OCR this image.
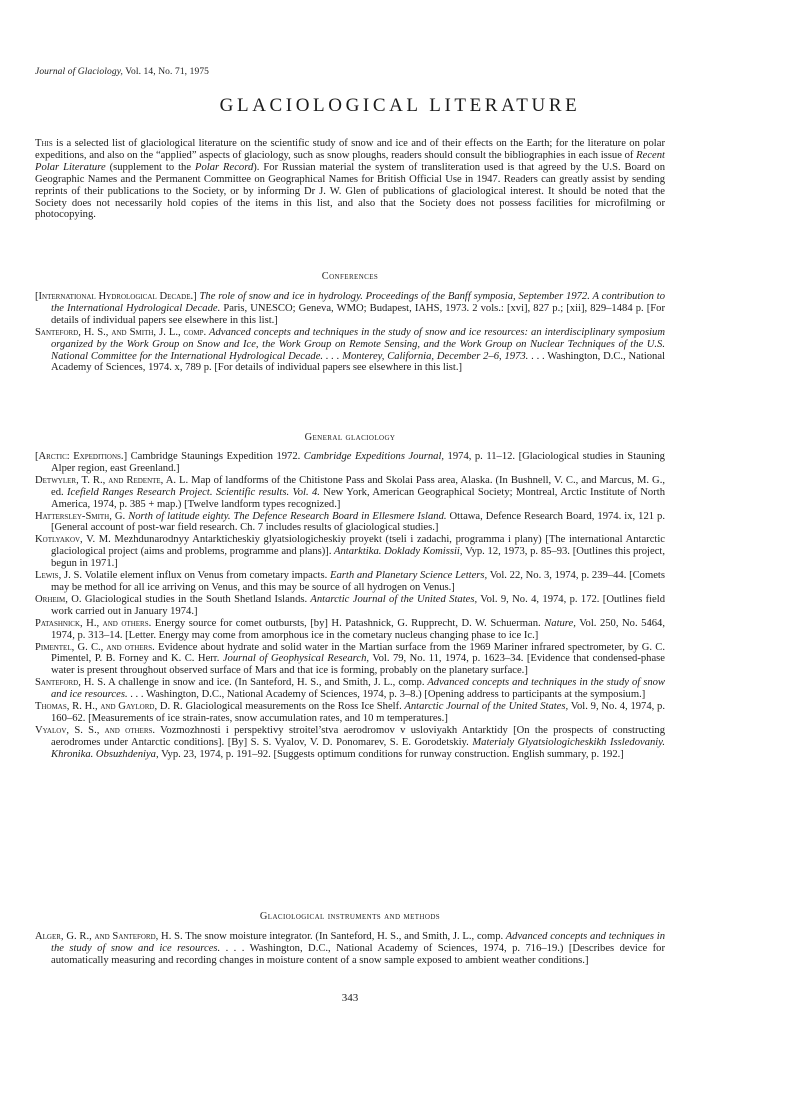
Journal of Glaciology, Vol. 14, No. 71, 1975
GLACIOLOGICAL LITERATURE

This is a selected list of glaciological literature on the scientific study of snow and ice and of their effects on the Earth; for the literature on polar expeditions, and also on the “applied” aspects of glaciology, such as snow ploughs, readers should consult the bibliographies in each issue of Recent Polar Literature (supplement to the Polar Record). For Russian material the system of transliteration used is that agreed by the U.S. Board on Geographic Names and the Permanent Committee on Geographical Names for British Official Use in 1947. Readers can greatly assist by sending reprints of their publications to the Society, or by informing Dr J. W. Glen of publications of glaciological interest. It should be noted that the Society does not necessarily hold copies of the items in this list, and also that the Society does not possess facilities for microfilming or photocopying.

Conferences

[International Hydrological Decade.] The role of snow and ice in hydrology. Proceedings of the Banff symposia, September 1972. A contribution to the International Hydrological Decade. Paris, UNESCO; Geneva, WMO; Budapest, IAHS, 1973. 2 vols.: [xvi], 827 p.; [xii], 829–1484 p. [For details of individual papers see elsewhere in this list.]

Santeford, H. S., and Smith, J. L., comp. Advanced concepts and techniques in the study of snow and ice resources: an interdisciplinary symposium organized by the Work Group on Snow and Ice, the Work Group on Remote Sensing, and the Work Group on Nuclear Techniques of the U.S. National Committee for the International Hydrological Decade. . . . Monterey, California, December 2–6, 1973. . . . Washington, D.C., National Academy of Sciences, 1974. x, 789 p. [For details of individual papers see elsewhere in this list.]

General glaciology

[Arctic: Expeditions.] Cambridge Staunings Expedition 1972. Cambridge Expeditions Journal, 1974, p. 11–12. [Glaciological studies in Stauning Alper region, east Greenland.]

Detwyler, T. R., and Redente, A. L. Map of landforms of the Chitistone Pass and Skolai Pass area, Alaska. (In Bushnell, V. C., and Marcus, M. G., ed. Icefield Ranges Research Project. Scientific results. Vol. 4. New York, American Geographical Society; Montreal, Arctic Institute of North America, 1974, p. 385 + map.) [Twelve landform types recognized.]

Hattersley-Smith, G. North of latitude eighty. The Defence Research Board in Ellesmere Island. Ottawa, Defence Research Board, 1974. ix, 121 p. [General account of post-war field research. Ch. 7 includes results of glaciological studies.]

Kotlyakov, V. M. Mezhdunarodnyy Antarkticheskiy glyatsiologicheskiy proyekt (tseli i zadachi, programma i plany) [The international Antarctic glaciological project (aims and problems, programme and plans)]. Antarktika. Doklady Komissii, Vyp. 12, 1973, p. 85–93. [Outlines this project, begun in 1971.]

Lewis, J. S. Volatile element influx on Venus from cometary impacts. Earth and Planetary Science Letters, Vol. 22, No. 3, 1974, p. 239–44. [Comets may be method for all ice arriving on Venus, and this may be source of all hydrogen on Venus.]

Orheim, O. Glaciological studies in the South Shetland Islands. Antarctic Journal of the United States, Vol. 9, No. 4, 1974, p. 172. [Outlines field work carried out in January 1974.]

Patashnick, H., and others. Energy source for comet outbursts, [by] H. Patashnick, G. Rupprecht, D. W. Schuerman. Nature, Vol. 250, No. 5464, 1974, p. 313–14. [Letter. Energy may come from amorphous ice in the cometary nucleus changing phase to ice Ic.]

Pimentel, G. C., and others. Evidence about hydrate and solid water in the Martian surface from the 1969 Mariner infrared spectrometer, by G. C. Pimentel, P. B. Forney and K. C. Herr. Journal of Geophysical Research, Vol. 79, No. 11, 1974, p. 1623–34. [Evidence that condensed-phase water is present throughout observed surface of Mars and that ice is forming, probably on the planetary surface.]

Santeford, H. S. A challenge in snow and ice. (In Santeford, H. S., and Smith, J. L., comp. Advanced concepts and techniques in the study of snow and ice resources. . . . Washington, D.C., National Academy of Sciences, 1974, p. 3–8.) [Opening address to participants at the symposium.]

Thomas, R. H., and Gaylord, D. R. Glaciological measurements on the Ross Ice Shelf. Antarctic Journal of the United States, Vol. 9, No. 4, 1974, p. 160–62. [Measurements of ice strain-rates, snow accumulation rates, and 10 m temperatures.]

Vyalov, S. S., and others. Vozmozhnosti i perspektivy stroitel’stva aerodromov v usloviyakh Antarktidy [On the prospects of constructing aerodromes under Antarctic conditions]. [By] S. S. Vyalov, V. D. Ponomarev, S. E. Gorodetskiy. Materialy Glyatsiologicheskikh Issledovaniy. Khronika. Obsuzhdeniya, Vyp. 23, 1974, p. 191–92. [Suggests optimum conditions for runway construction. English summary, p. 192.]

Glaciological instruments and methods

Alger, G. R., and Santeford, H. S. The snow moisture integrator. (In Santeford, H. S., and Smith, J. L., comp. Advanced concepts and techniques in the study of snow and ice resources. . . . Washington, D.C., National Academy of Sciences, 1974, p. 716–19.) [Describes device for automatically measuring and recording changes in moisture content of a snow sample exposed to ambient weather conditions.]

343
